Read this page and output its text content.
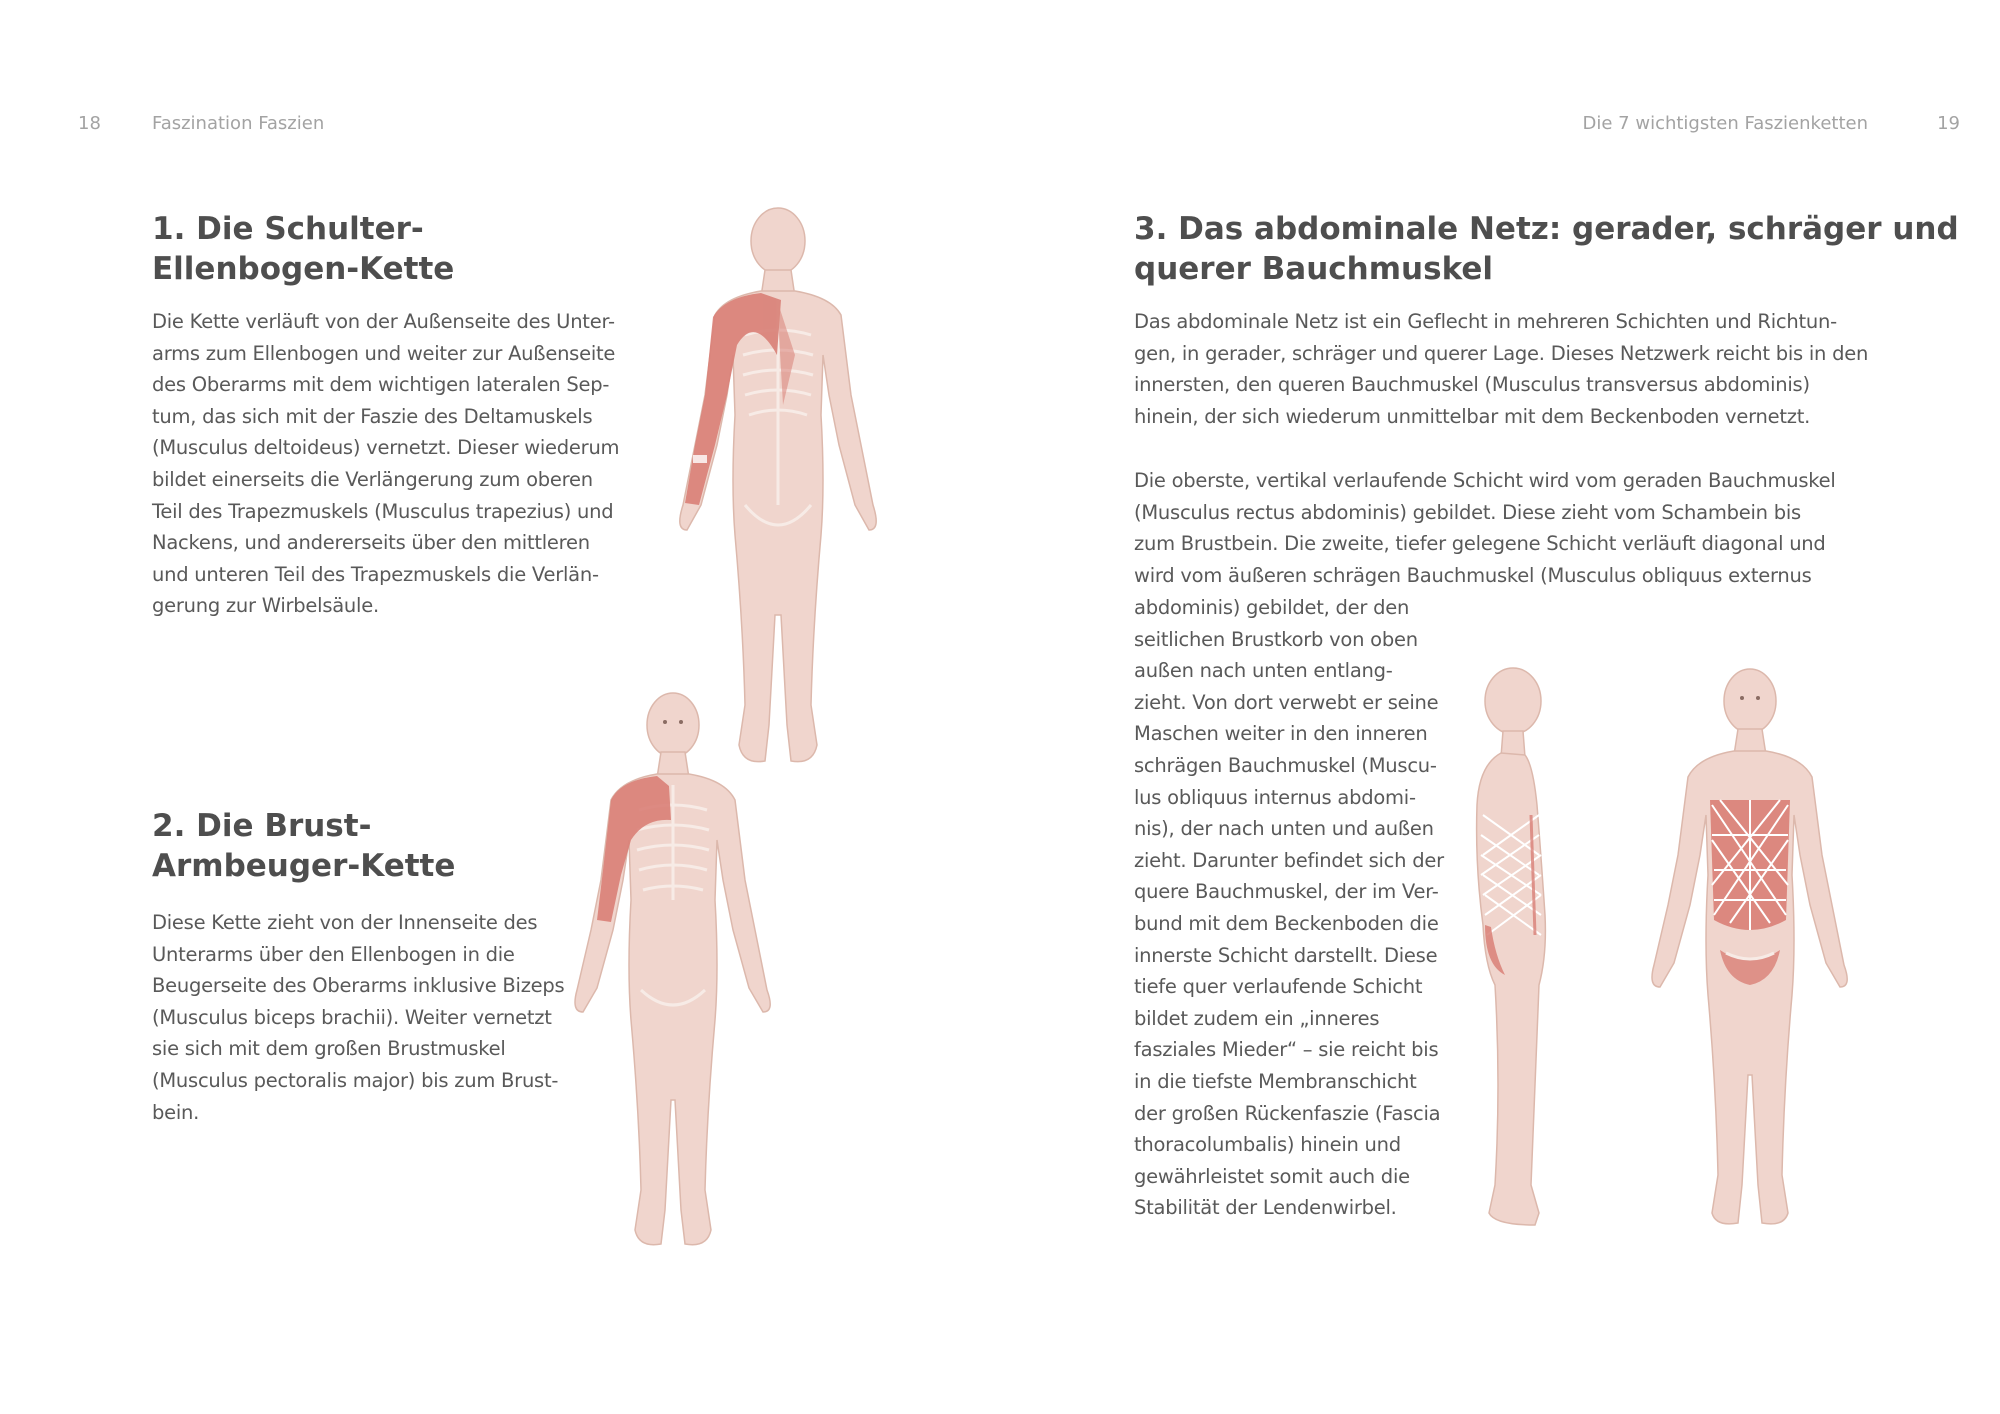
18	Faszination Faszien	Die 7 wichtigsten Faszienketten	19
1. Die Schulter-
Ellenbogen-Kette

Die Kette verläuft von der Außenseite des Unter-
arms zum Ellenbogen und weiter zur Außenseite
des Oberarms mit dem wichtigen lateralen Sep-
tum, das sich mit der Faszie des Deltamuskels
(Musculus deltoideus) vernetzt. Dieser wiederum
bildet einerseits die Verlängerung zum oberen
Teil des Trapezmuskels (Musculus trapezius) und
Nackens, und andererseits über den mittleren
und unteren Teil des Trapezmuskels die Verlän-
gerung zur Wirbelsäule.

2. Die Brust-
Armbeuger-Kette

Diese Kette zieht von der Innenseite des
Unterarms über den Ellenbogen in die
Beugerseite des Oberarms inklusive Bizeps
(Musculus biceps brachii). Weiter vernetzt
sie sich mit dem großen Brustmuskel
(Musculus pectoralis major) bis zum Brust-
bein.

3. Das abdominale Netz: gerader, schräger und
querer Bauchmuskel

Das abdominale Netz ist ein Geflecht in mehreren Schichten und Richtun-
gen, in gerader, schräger und querer Lage. Dieses Netzwerk reicht bis in den
innersten, den queren Bauchmuskel (Musculus transversus abdominis)
hinein, der sich wiederum unmittelbar mit dem Beckenboden vernetzt.

Die oberste, vertikal verlaufende Schicht wird vom geraden Bauchmuskel
(Musculus rectus abdominis) gebildet. Diese zieht vom Schambein bis
zum Brustbein. Die zweite, tiefer gelegene Schicht verläuft diagonal und
wird vom äußeren schrägen Bauchmuskel (Musculus obliquus externus

abdominis) gebildet, der den
seitlichen Brustkorb von oben
außen nach unten entlang-
zieht. Von dort verwebt er seine
Maschen weiter in den inneren
schrägen Bauchmuskel (Muscu-
lus obliquus internus abdomi-
nis), der nach unten und außen
zieht. Darunter befindet sich der
quere Bauchmuskel, der im Ver-
bund mit dem Beckenboden die
innerste Schicht darstellt. Diese
tiefe quer verlaufende Schicht
bildet zudem ein „inneres
fasziales Mieder“ – sie reicht bis
in die tiefste Membranschicht
der großen Rückenfaszie (Fascia
thoracolumbalis) hinein und
gewährleistet somit auch die
Stabilität der Lendenwirbel.
